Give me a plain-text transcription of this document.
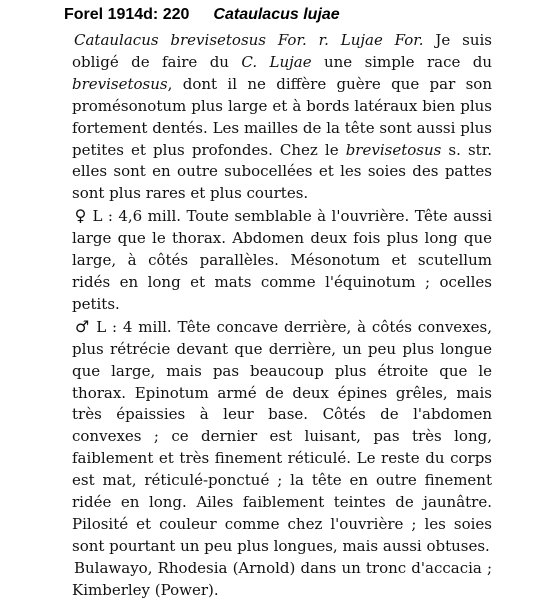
Forel 1914d: 220 Cataulacus lujae

Cataulacus brevisetosus For. r. Lujae For. Je suis obligé de faire du C. Lujae une simple race du brevisetosus, dont il ne diffère guère que par son promésonotum plus large et à bords latéraux bien plus fortement dentés. Les mailles de la tête sont aussi plus petites et plus profondes. Chez le brevisetosus s. str. elles sont en outre subocellées et les soies des pattes sont plus rares et plus courtes.

♀ L : 4,6 mill. Toute semblable à l'ouvrière. Tête aussi large que le thorax. Abdomen deux fois plus long que large, à côtés parallèles. Mésonotum et scutellum ridés en long et mats comme l'équinotum ; ocelles petits.

♂ L : 4 mill. Tête concave derrière, à côtés convexes, plus rétrécie devant que derrière, un peu plus longue que large, mais pas beaucoup plus étroite que le thorax. Epinotum armé de deux épines grêles, mais très épaissies à leur base. Côtés de l'abdomen convexes ; ce dernier est luisant, pas très long, faiblement et très finement réticulé. Le reste du corps est mat, réticulé-ponctué ; la tête en outre finement ridée en long. Ailes faiblement teintes de jaunâtre. Pilosité et couleur comme chez l'ouvrière ; les soies sont pourtant un peu plus longues, mais aussi obtuses.

Bulawayo, Rhodesia (Arnold) dans un tronc d'accacia ; Kimberley (Power).
